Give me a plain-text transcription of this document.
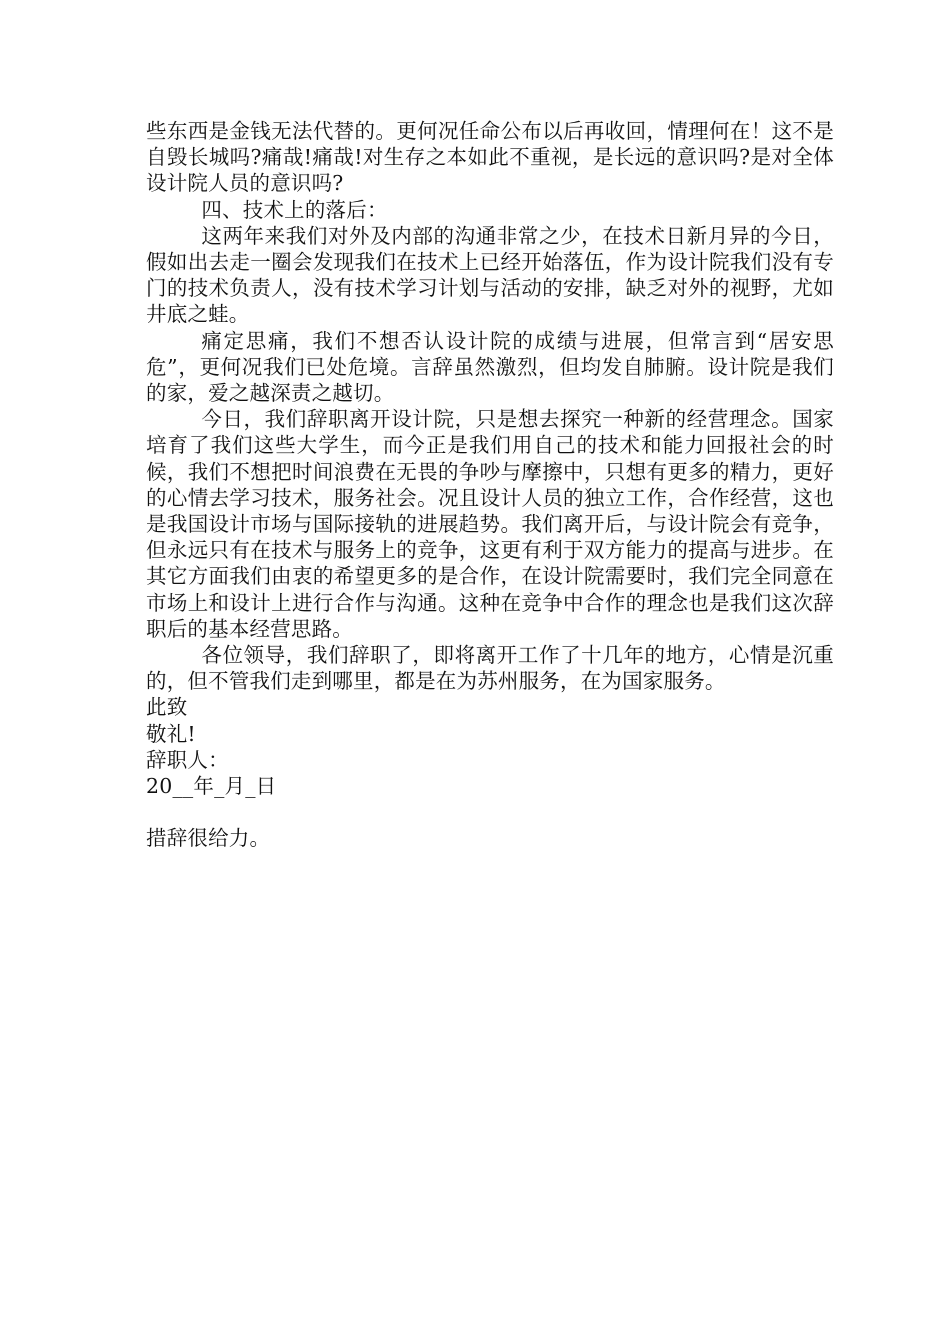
些东西是金钱无法代替的。更何况任命公布以后再收回，情理何在！这不是自毁长城吗?痛哉!痛哉!对生存之本如此不重视，是长远的意识吗?是对全体设计院人员的意识吗?

四、技术上的落后：

这两年来我们对外及内部的沟通非常之少，在技术日新月异的今日，假如出去走一圈会发现我们在技术上已经开始落伍，作为设计院我们没有专门的技术负责人，没有技术学习计划与活动的安排，缺乏对外的视野，尤如井底之蛙。

痛定思痛，我们不想否认设计院的成绩与进展，但常言到“居安思危”，更何况我们已处危境。言辞虽然激烈，但均发自肺腑。设计院是我们的家，爱之越深责之越切。

今日，我们辞职离开设计院，只是想去探究一种新的经营理念。国家培育了我们这些大学生，而今正是我们用自己的技术和能力回报社会的时候，我们不想把时间浪费在无畏的争吵与摩擦中，只想有更多的精力，更好的心情去学习技术，服务社会。况且设计人员的独立工作，合作经营，这也是我国设计市场与国际接轨的进展趋势。我们离开后，与设计院会有竞争，但永远只有在技术与服务上的竞争，这更有利于双方能力的提高与进步。在其它方面我们由衷的希望更多的是合作，在设计院需要时，我们完全同意在市场上和设计上进行合作与沟通。这种在竞争中合作的理念也是我们这次辞职后的基本经营思路。

各位领导，我们辞职了，即将离开工作了十几年的地方，心情是沉重的，但不管我们走到哪里，都是在为苏州服务，在为国家服务。

此致

敬礼!

辞职人：

20__年_月_日

措辞很给力。
